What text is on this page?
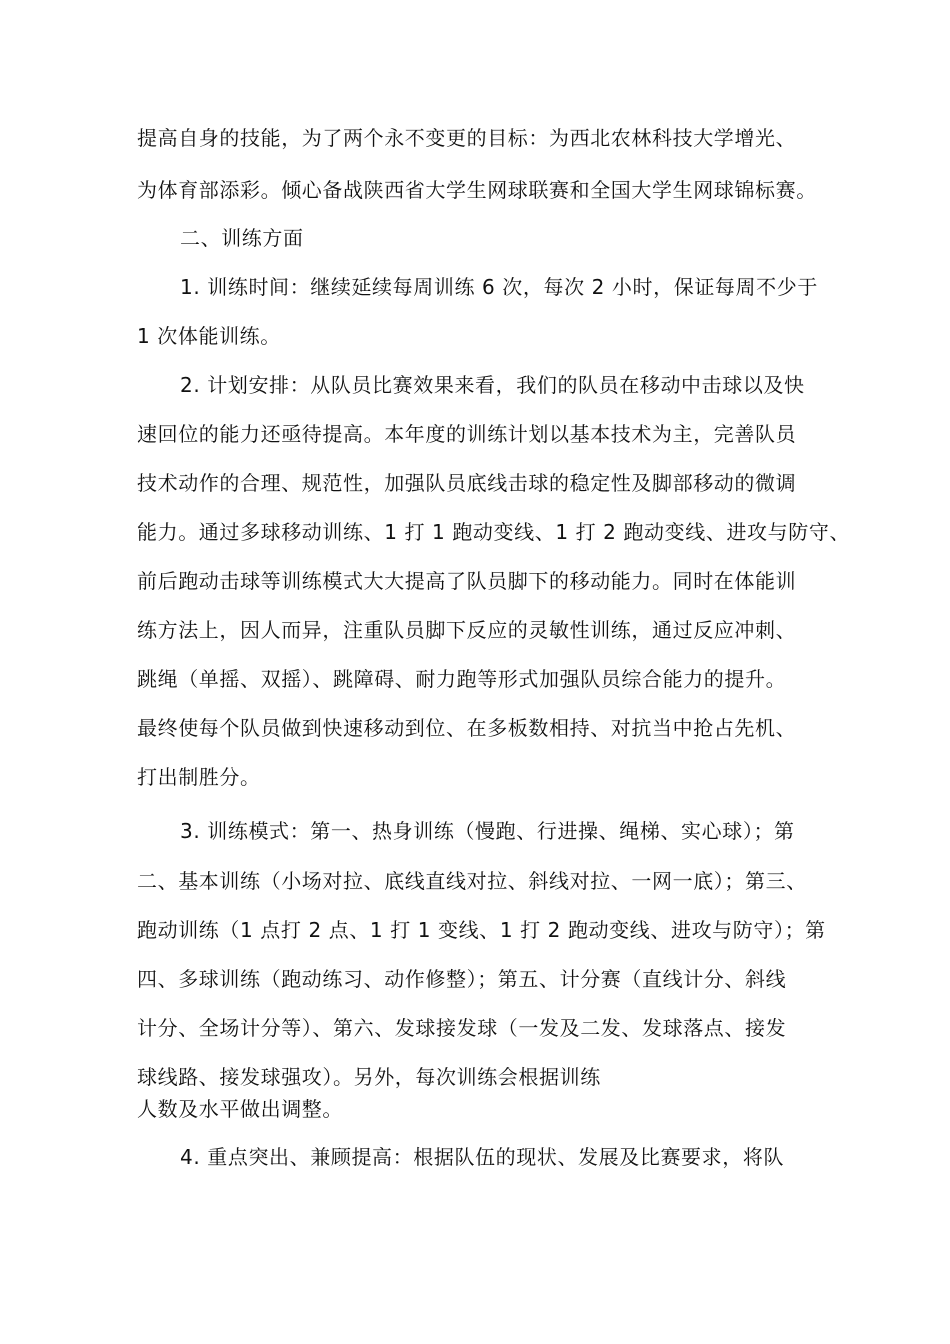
提高自身的技能，为了两个永不变更的目标：为西北农林科技大学增光、
为体育部添彩。倾心备战陕西省大学生网球联赛和全国大学生网球锦标赛。
二、训练方面
1. 训练时间：继续延续每周训练 6 次，每次 2 小时，保证每周不少于
1 次体能训练。
2. 计划安排：从队员比赛效果来看，我们的队员在移动中击球以及快
速回位的能力还亟待提高。本年度的训练计划以基本技术为主，完善队员
技术动作的合理、规范性，加强队员底线击球的稳定性及脚部移动的微调
能力。通过多球移动训练、1 打 1 跑动变线、1 打 2 跑动变线、进攻与防守、
前后跑动击球等训练模式大大提高了队员脚下的移动能力。同时在体能训
练方法上，因人而异，注重队员脚下反应的灵敏性训练，通过反应冲刺、
跳绳（单摇、双摇）、跳障碍、耐力跑等形式加强队员综合能力的提升。
最终使每个队员做到快速移动到位、在多板数相持、对抗当中抢占先机、
打出制胜分。
3. 训练模式：第一、热身训练（慢跑、行进操、绳梯、实心球）；第
二、基本训练（小场对拉、底线直线对拉、斜线对拉、一网一底）；第三、
跑动训练（1 点打 2 点、1 打 1 变线、1 打 2 跑动变线、进攻与防守）；第
四、多球训练（跑动练习、动作修整）；第五、计分赛（直线计分、斜线
计分、全场计分等）、第六、发球接发球（一发及二发、发球落点、接发
球线路、接发球强攻）。另外，每次训练会根据训练
人数及水平做出调整。
4. 重点突出、兼顾提高：根据队伍的现状、发展及比赛要求，将队
